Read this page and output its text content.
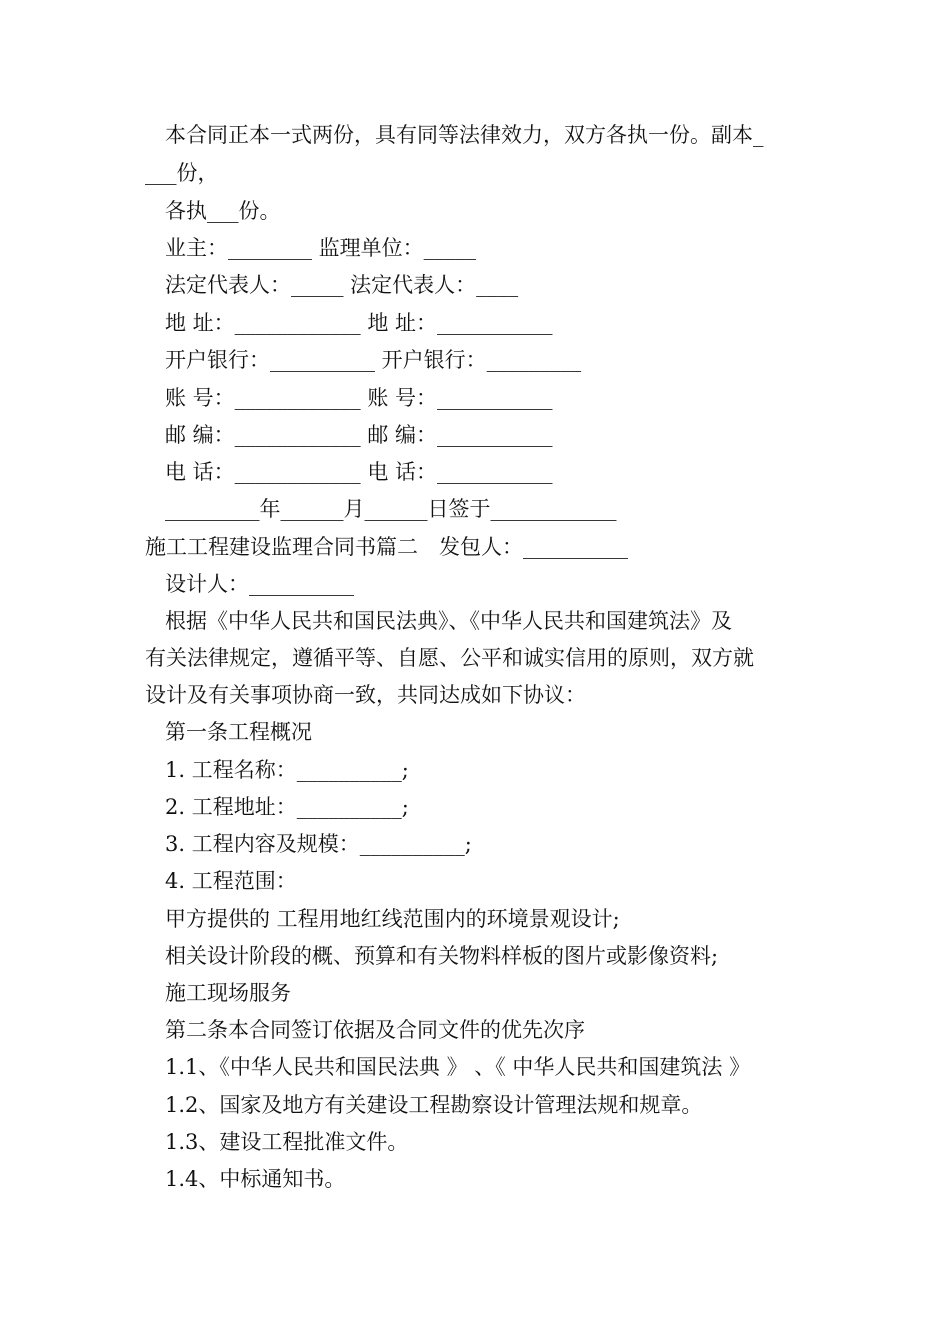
本合同正本一式两份，具有同等法律效力，双方各执一份。副本_
___份，
各执___份。
业主：________ 监理单位：_____
法定代表人：_____ 法定代表人：____
地 址：____________ 地 址：___________
开户银行：__________ 开户银行：_________
账 号：____________ 账 号：___________
邮 编：____________ 邮 编：___________
电 话：____________ 电 话：___________
_________年______月______日签于____________
施工工程建设监理合同书篇二　发包人：__________
设计人：__________
根据《中华人民共和国民法典》、《中华人民共和国建筑法》及
有关法律规定，遵循平等、自愿、公平和诚实信用的原则，双方就
设计及有关事项协商一致，共同达成如下协议：
第一条工程概况
1. 工程名称：__________;
2. 工程地址：__________;
3. 工程内容及规模：__________;
4. 工程范围：
甲方提供的 工程用地红线范围内的环境景观设计;
相关设计阶段的概、预算和有关物料样板的图片或影像资料;
施工现场服务
第二条本合同签订依据及合同文件的优先次序
1.1、《中华人民共和国民法典 》 、《 中华人民共和国建筑法 》
1.2、国家及地方有关建设工程勘察设计管理法规和规章。
1.3、建设工程批准文件。
1.4、中标通知书。
